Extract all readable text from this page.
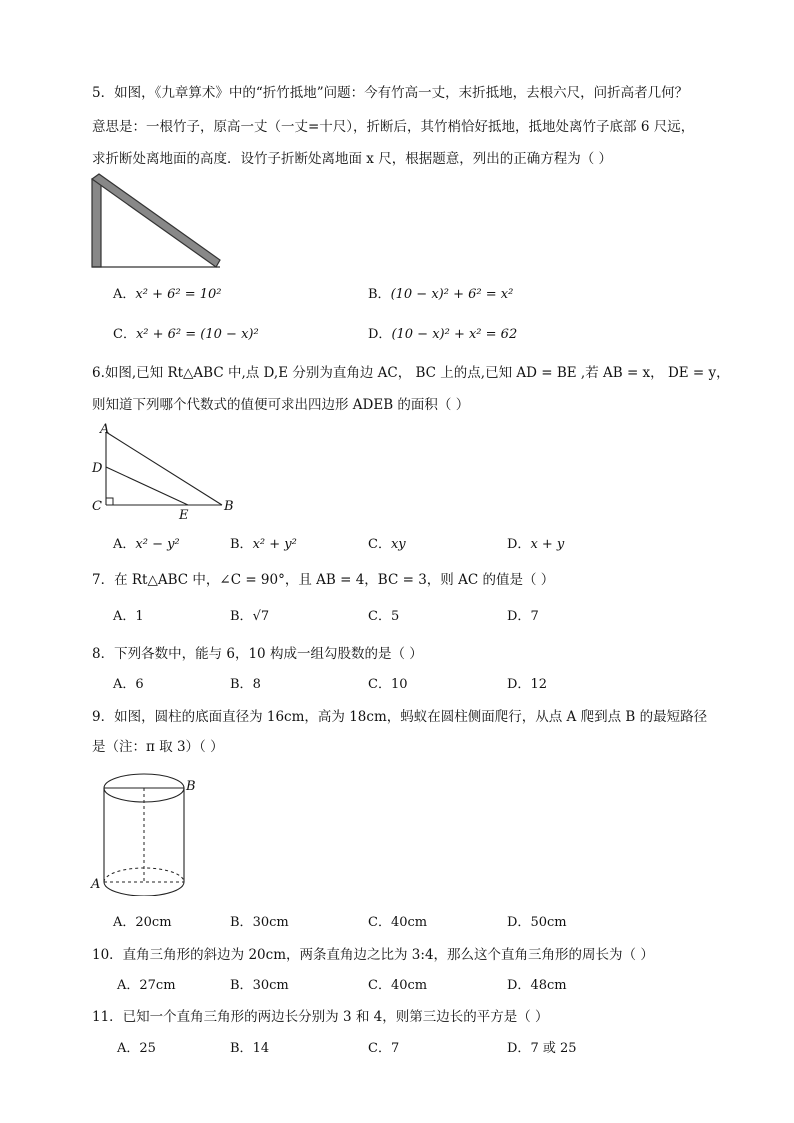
5．如图，《九章算术》中的“折竹抵地”问题：今有竹高一丈，末折抵地，去根六尺，问折高者几何？
意思是：一根竹子，原高一丈（一丈=十尺），折断后，其竹梢恰好抵地，抵地处离竹子底部 6 尺远，
求折断处离地面的高度．设竹子折断处离地面 x 尺，根据题意，列出的正确方程为（ ）
A．x² + 6² = 10²	B．(10 − x)² + 6² = x²
C．x² + 6² = (10 − x)²	D．(10 − x)² + x² = 62
6.如图,已知 Rt△ABC 中,点 D,E 分别为直角边 AC， BC 上的点,已知 AD = BE ,若 AB = x， DE = y，
则知道下列哪个代数式的值便可求出四边形 ADEB 的面积（ ）
A
D
C
E
B
A．x² − y²	B．x² + y²	C．xy	D．x + y
7．在 Rt△ABC 中，∠C = 90°，且 AB = 4，BC = 3，则 AC 的值是（ ）
A．1	B．√7	C．5	D．7
8．下列各数中，能与 6，10 构成一组勾股数的是（ ）
A．6	B．8	C．10	D．12
9．如图，圆柱的底面直径为 16cm，高为 18cm，蚂蚁在圆柱侧面爬行，从点 A 爬到点 B 的最短路径
是（注：π 取 3）（ ）
B
A
A．20cm	B．30cm	C．40cm	D．50cm
10．直角三角形的斜边为 20cm，两条直角边之比为 3:4，那么这个直角三角形的周长为（ ）
A．27cm	B．30cm	C．40cm	D．48cm
11．已知一个直角三角形的两边长分别为 3 和 4，则第三边长的平方是（ ）
A．25	B．14	C．7	D．7 或 25
